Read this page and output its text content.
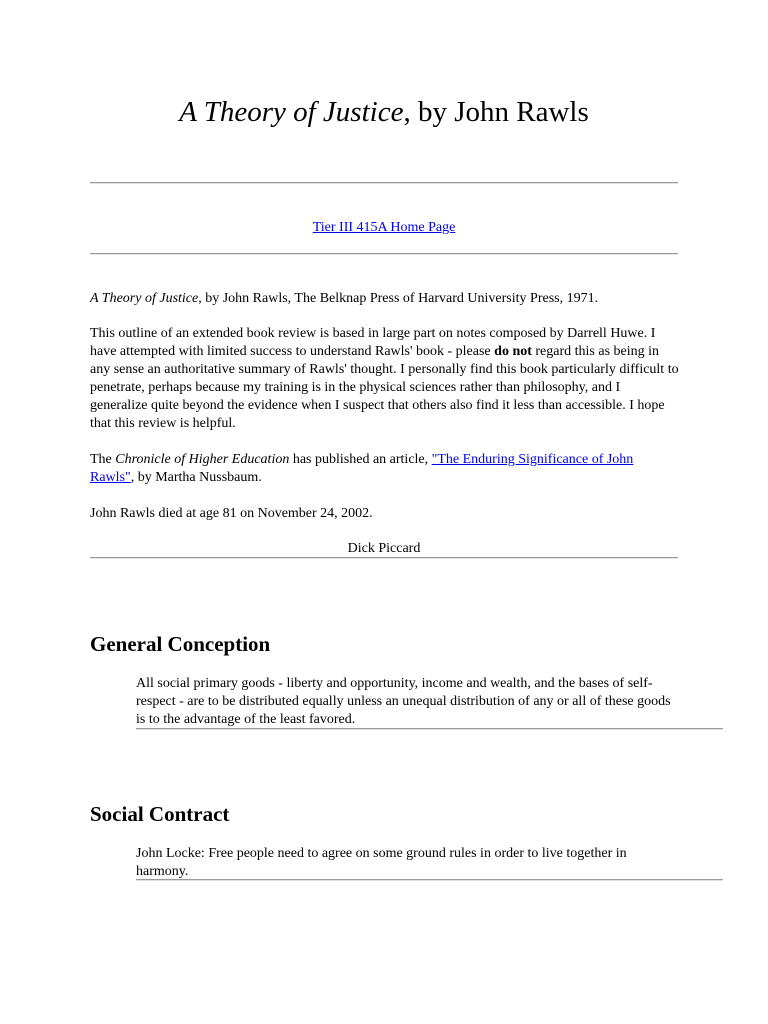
A Theory of Justice, by John Rawls
Tier III 415A Home Page

A Theory of Justice, by John Rawls, The Belknap Press of Harvard University Press, 1971.

This outline of an extended book review is based in large part on notes composed by Darrell Huwe. I have attempted with limited success to understand Rawls' book - please do not regard this as being in any sense an authoritative summary of Rawls' thought. I personally find this book particularly difficult to penetrate, perhaps because my training is in the physical sciences rather than philosophy, and I generalize quite beyond the evidence when I suspect that others also find it less than accessible. I hope that this review is helpful.

The Chronicle of Higher Education has published an article, "The Enduring Significance of John Rawls", by Martha Nussbaum.

John Rawls died at age 81 on November 24, 2002.

Dick Piccard
General Conception

All social primary goods - liberty and opportunity, income and wealth, and the bases of self-respect - are to be distributed equally unless an unequal distribution of any or all of these goods is to the advantage of the least favored.

Social Contract

John Locke: Free people need to agree on some ground rules in order to live together in harmony.
